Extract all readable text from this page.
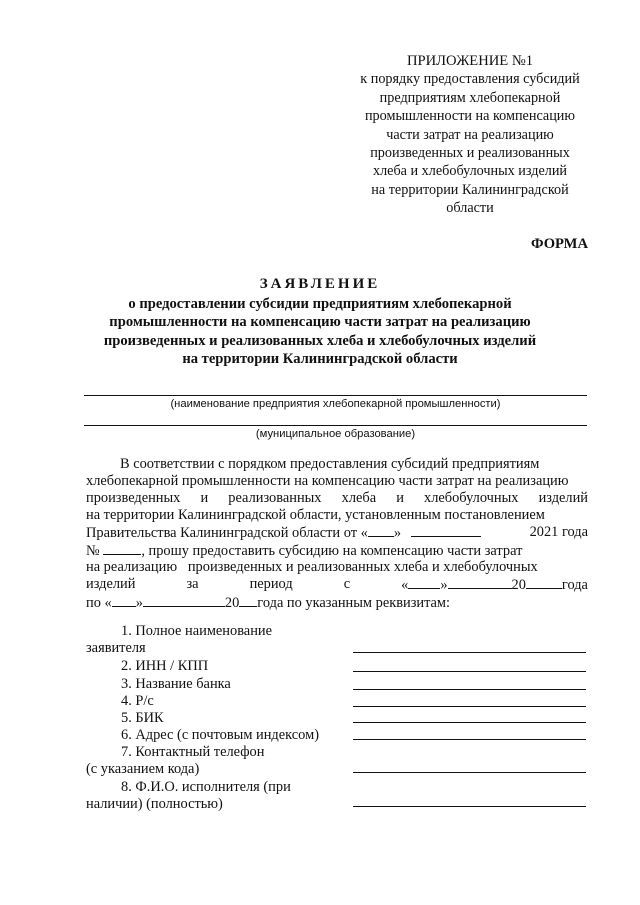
ПРИЛОЖЕНИЕ №1
к порядку предоставления субсидий
предприятиям хлебопекарной
промышленности на компенсацию
части затрат на реализацию
произведенных и реализованных
хлеба и хлебобулочных изделий
на территории Калининградской
области
ФОРМА
ЗАЯВЛЕНИЕ
о предоставлении субсидии предприятиям хлебопекарной
промышленности на компенсацию части затрат на реализацию
произведенных и реализованных хлеба и хлебобулочных изделий
на территории Калининградской области
(наименование предприятия хлебопекарной промышленности)
(муниципальное образование)
В соответствии с порядком предоставления субсидий предприятиям
хлебопекарной промышленности на компенсацию части затрат на реализацию
произведенных и реализованных хлеба и хлебобулочных изделий
на территории Калининградской области, установленным постановлением
Правительства Калининградской области от « »	2021 года
№	, прошу предоставить субсидию на компенсацию части затрат
на реализацию   произведенных и реализованных хлеба и хлебобулочных
изделий	за	период	с	« »	20	года
по « »	20 года по указанным реквизитам:
1. Полное наименование
заявителя
2. ИНН / КПП
3. Название банка
4. Р/с
5. БИК
6. Адрес (с почтовым индексом)
7. Контактный телефон
(с указанием кода)
8. Ф.И.О. исполнителя (при
наличии) (полностью)
